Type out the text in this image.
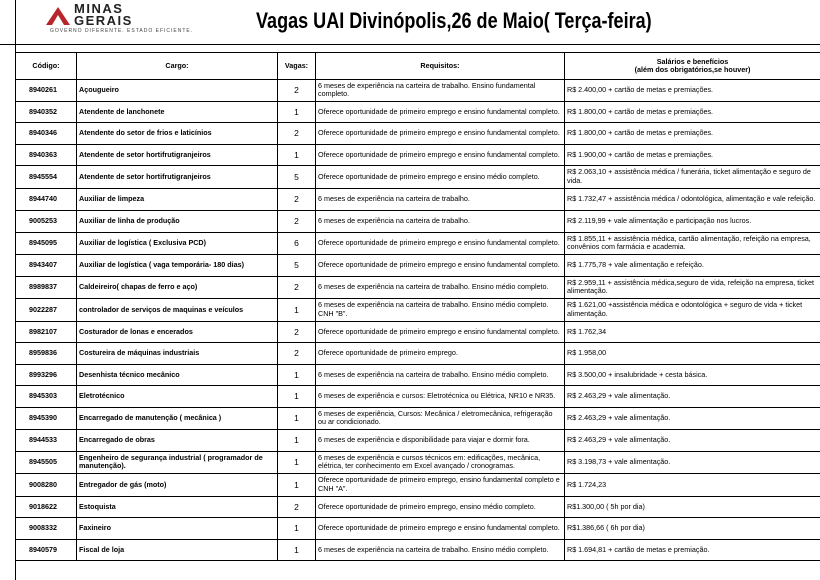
MINAS
GERAIS
GOVERNO DIFERENTE. ESTADO EFICIENTE.	Vagas UAI Divinópolis,26 de Maio( Terça-feira)
Código:	Cargo:	Vagas:	Requisitos:	Salários e benefícios
(além dos obrigatórios,se houver)

8940261	Açougueiro	2	6 meses de experiência na carteira de trabalho. Ensino fundamental completo.	R$ 2.400,00 + cartão de metas e premiações.
8940352	Atendente de lanchonete	1	Oferece oportunidade de primeiro emprego e ensino fundamental completo.	R$ 1.800,00 + cartão de metas e premiações.
8940346	Atendente do setor de frios e laticínios	2	Oferece oportunidade de primeiro emprego e ensino fundamental completo.	R$ 1.800,00 + cartão de metas e premiações.
8940363	Atendente de setor hortifrutigranjeiros	1	Oferece oportunidade de primeiro emprego e ensino fundamental completo.	R$ 1.900,00 + cartão de metas e premiações.
8945554	Atendente de setor hortifrutigranjeiros	5	Oferece oportunidade de primeiro emprego e ensino médio completo.	R$ 2.063,10 + assistência médica / funerária, ticket alimentação e seguro de vida.
8944740	Auxiliar de limpeza	2	6 meses de experiência na carteira de trabalho.	R$ 1.732,47 + assistência médica / odontológica, alimentação e vale refeição.
9005253	Auxiliar de linha de produção	2	6 meses de experiência na carteira de trabalho.	R$ 2.119,99 + vale alimentação e participação nos lucros.
8945095	Auxiliar de logística ( Exclusiva PCD)	6	Oferece oportunidade de primeiro emprego e ensino fundamental completo.	R$ 1.855,11 + assistência médica, cartão alimentação, refeição na empresa, convênios com farmácia e academia.
8943407	Auxiliar de logística ( vaga temporária- 180 dias)	5	Oferece oportunidade de primeiro emprego e ensino fundamental completo.	R$ 1.775,78 + vale alimentação e refeição.
8989837	Caldeireiro( chapas de ferro e aço)	2	6 meses de experiência na carteira de trabalho. Ensino médio completo.	R$ 2.959,11 + assistência médica,seguro de vida, refeição na empresa, ticket alimentação.
9022287	controlador de serviços de maquinas e veículos	1	6 meses de experiência na carteira de trabalho. Ensino médio completo. CNH "B".	R$ 1.621,00 +assistência médica e odontológica + seguro de vida + ticket alimentação.
8982107	Costurador de lonas e encerados	2	Oferece oportunidade de primeiro emprego e ensino fundamental completo.	R$ 1.762,34
8959836	Costureira de máquinas industriais	2	Oferece oportunidade de primeiro emprego.	R$ 1.958,00
8993296	Desenhista técnico mecânico	1	6 meses de experiência na carteira de trabalho. Ensino médio completo.	R$ 3.500,00 + insalubridade + cesta básica.
8945303	Eletrotécnico	1	6 meses de experiência e cursos: Eletrotécnica ou Elétrica, NR10 e NR35.	R$ 2.463,29 + vale alimentação.
8945390	Encarregado de manutenção ( mecânica )	1	6 meses de experiência, Cursos: Mecânica / eletromecânica, refrigeração ou ar condicionado.	R$ 2.463,29 + vale alimentação.
8944533	Encarregado de obras	1	6 meses de experiência e disponibilidade para viajar e dormir fora.	R$ 2.463,29 + vale alimentação.
8945505	Engenheiro de segurança industrial ( programador de manutenção).	1	6 meses de experiência e cursos técnicos em: edificações, mecânica, elétrica, ter conhecimento em Excel avançado / cronogramas.	R$ 3.198,73 + vale alimentação.
9008280	Entregador de gás (moto)	1	Oferece oportunidade de primeiro emprego, ensino fundamental completo e CNH "A".	R$ 1.724,23
9018622	Estoquista	2	Oferece oportunidade de primeiro emprego, ensino médio completo.	R$1.300,00 ( 5h por dia)
9008332	Faxineiro	1	Oferece oportunidade de primeiro emprego e ensino fundamental completo.	R$1.386,66 ( 6h por dia)
8940579	Fiscal de loja	1	6 meses de experiência na carteira de trabalho. Ensino médio completo.	R$ 1.694,81 + cartão de metas e premiação.
